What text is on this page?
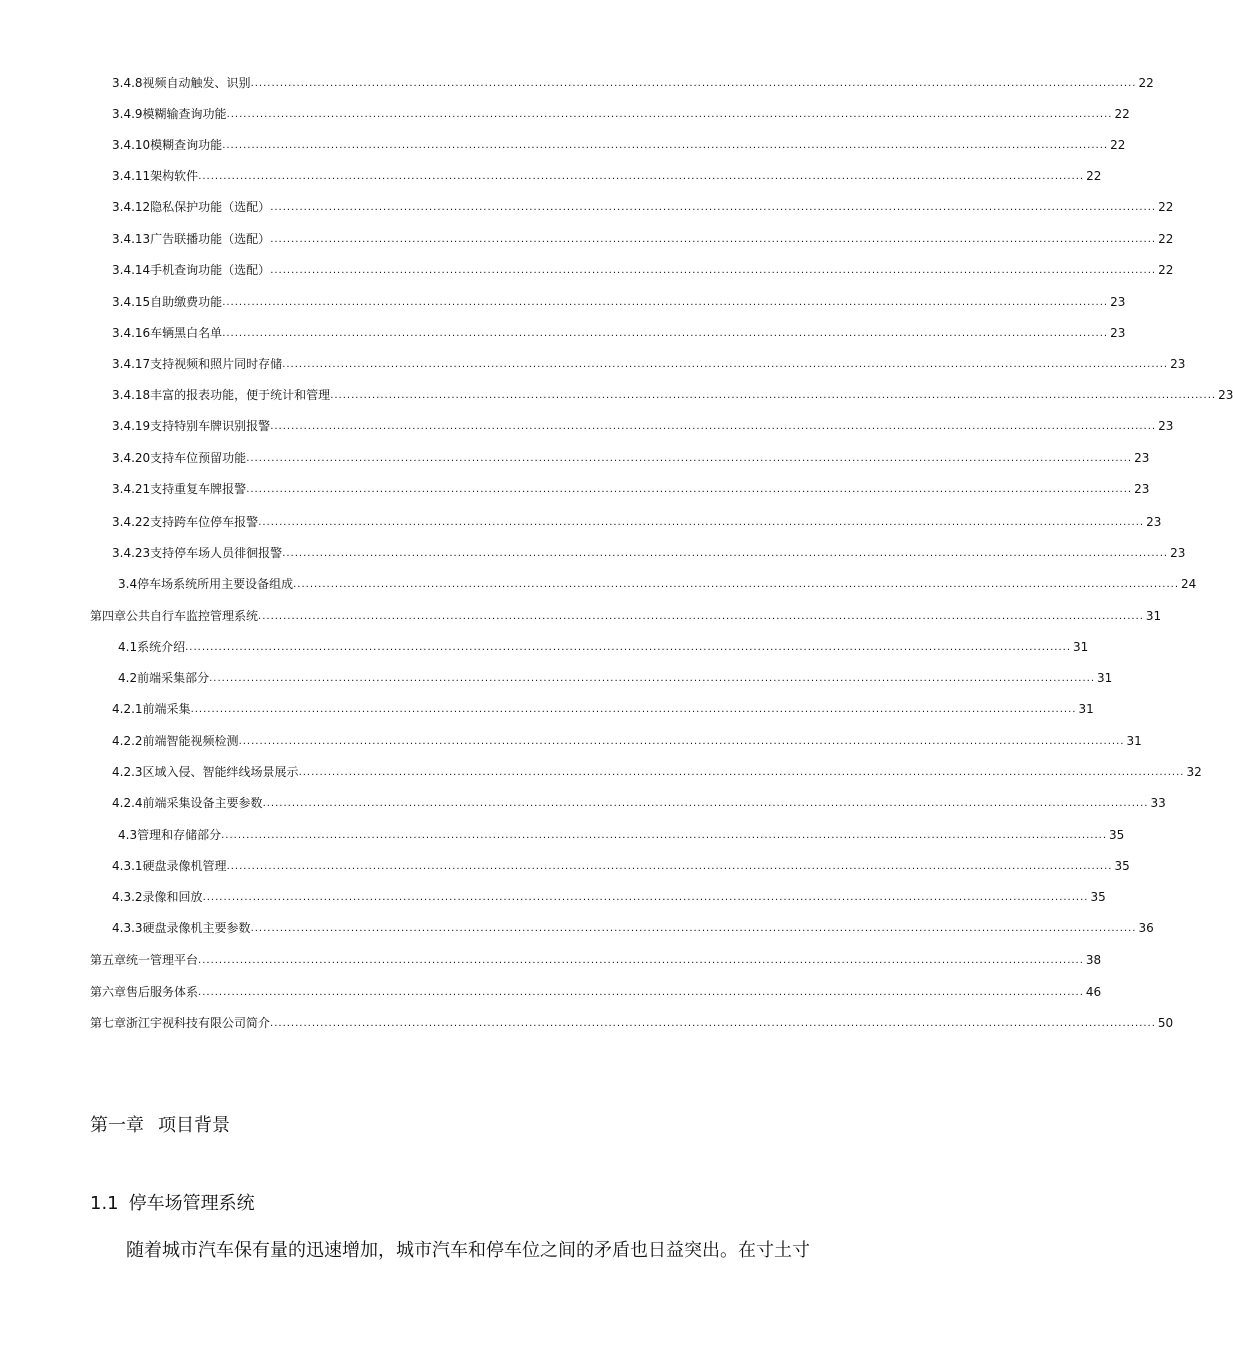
3.4.8 视频自动触发、识别 .................................................................................................................................................................................................................... 22
3.4.9 模糊输查询功能 .................................................................................................................................................................................................................... 22
3.4.10 模糊查询功能 .................................................................................................................................................................................................................... 22
3.4.11 架构软件 .................................................................................................................................................................................................................... 22
3.4.12 隐私保护功能（选配） .................................................................................................................................................................................................................... 22
3.4.13 广告联播功能（选配） .................................................................................................................................................................................................................... 22
3.4.14 手机查询功能（选配） .................................................................................................................................................................................................................... 22
3.4.15 自助缴费功能 .................................................................................................................................................................................................................... 23
3.4.16 车辆黑白名单 .................................................................................................................................................................................................................... 23
3.4.17 支持视频和照片同时存储 .................................................................................................................................................................................................................... 23
3.4.18 丰富的报表功能，便于统计和管理 .................................................................................................................................................................................................................... 23
3.4.19 支持特别车牌识别报警 .................................................................................................................................................................................................................... 23
3.4.20 支持车位预留功能 .................................................................................................................................................................................................................... 23
3.4.21 支持重复车牌报警 .................................................................................................................................................................................................................... 23
3.4.22 支持跨车位停车报警 .................................................................................................................................................................................................................... 23
3.4.23 支持停车场人员徘徊报警 .................................................................................................................................................................................................................... 23
3.4 停车场系统所用主要设备组成 .................................................................................................................................................................................................................... 24
第四章 公共自行车监控管理系统 .................................................................................................................................................................................................................... 31
4.1 系统介绍 .................................................................................................................................................................................................................... 31
4.2 前端采集部分 .................................................................................................................................................................................................................... 31
4.2.1 前端采集 .................................................................................................................................................................................................................... 31
4.2.2 前端智能视频检测 .................................................................................................................................................................................................................... 31
4.2.3 区域入侵、智能绊线场景展示 .................................................................................................................................................................................................................... 32
4.2.4 前端采集设备主要参数 .................................................................................................................................................................................................................... 33
4.3 管理和存储部分 .................................................................................................................................................................................................................... 35
4.3.1 硬盘录像机管理 .................................................................................................................................................................................................................... 35
4.3.2 录像和回放 .................................................................................................................................................................................................................... 35
4.3.3 硬盘录像机主要参数 .................................................................................................................................................................................................................... 36
第五章 统一管理平台 .................................................................................................................................................................................................................... 38
第六章 售后服务体系 .................................................................................................................................................................................................................... 46
第七章 浙江宇视科技有限公司简介 .................................................................................................................................................................................................................... 50
第一章 项目背景
1.1 停车场管理系统
随着城市汽车保有量的迅速增加，城市汽车和停车位之间的矛盾也日益突出。在寸土寸
